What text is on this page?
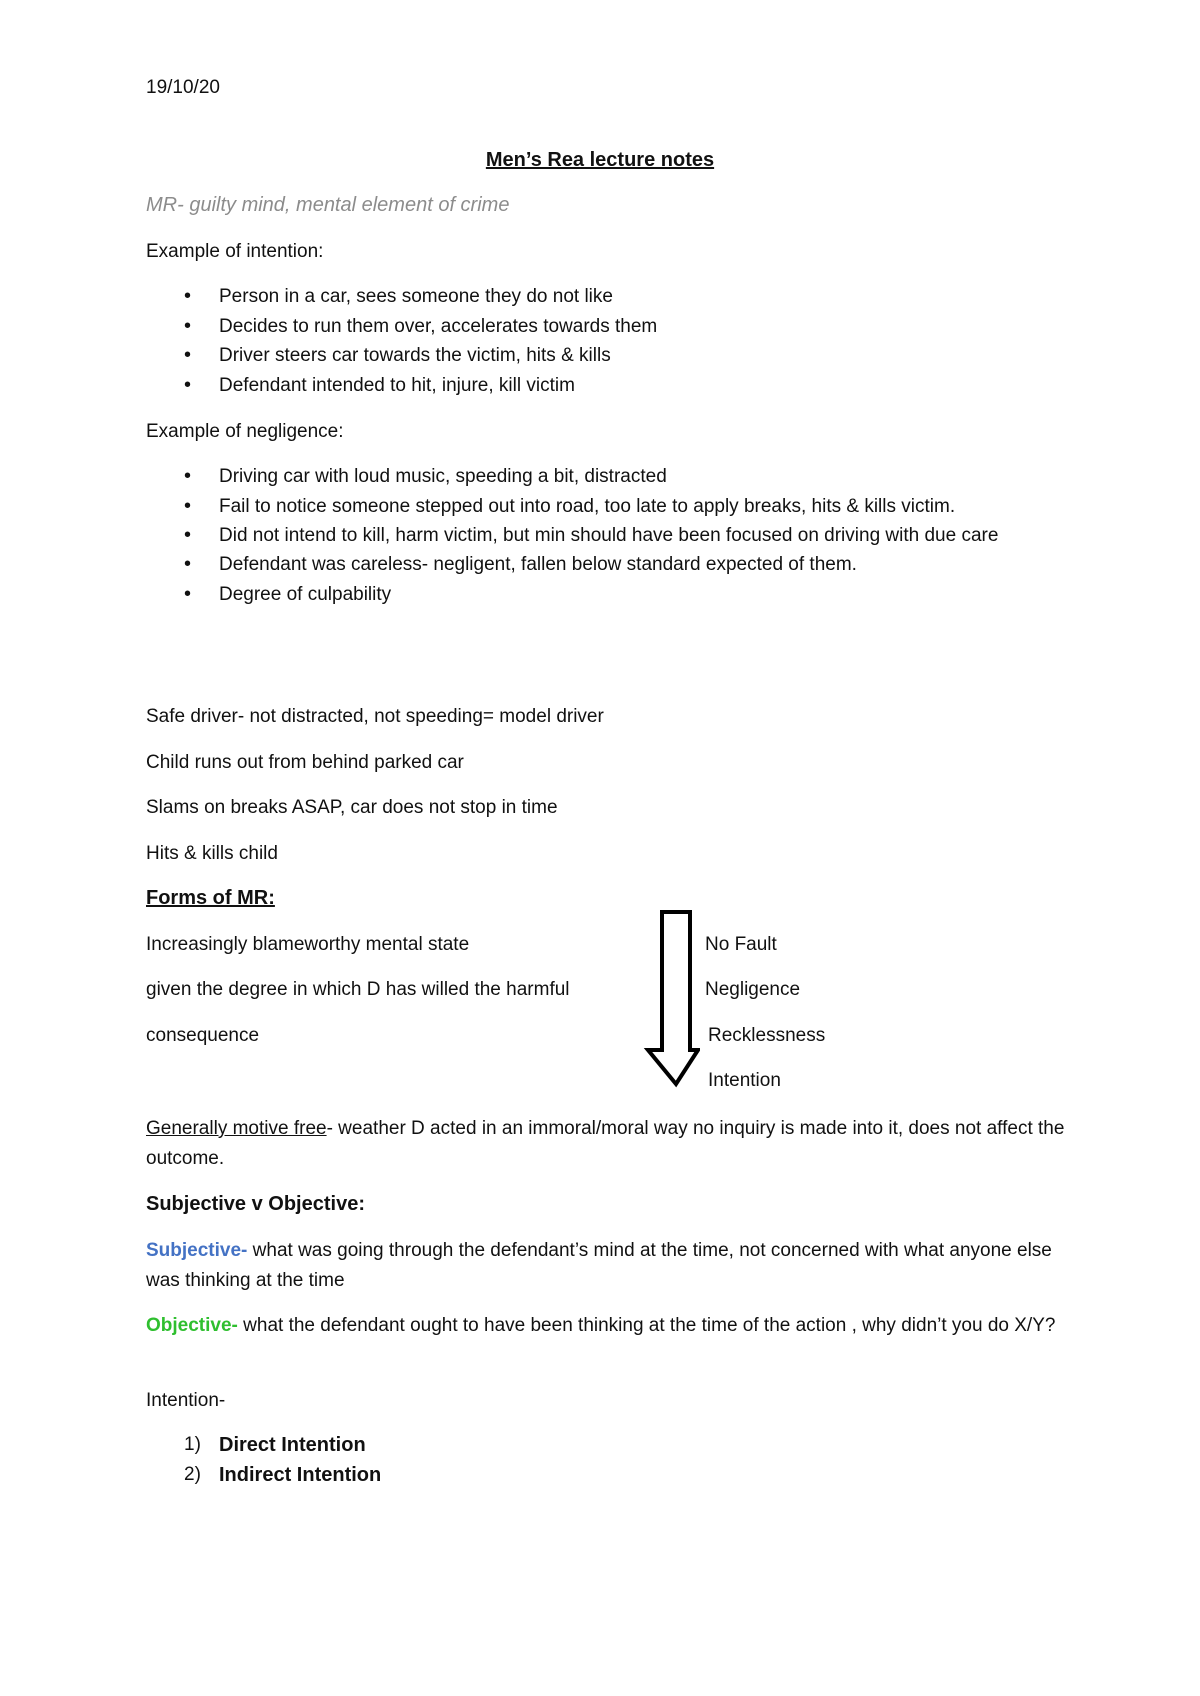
19/10/20
Men’s Rea lecture notes
MR- guilty mind, mental element of crime
Example of intention:
• Person in a car, sees someone they do not like
• Decides to run them over, accelerates towards them
• Driver steers car towards the victim, hits & kills
• Defendant intended to hit, injure, kill victim
Example of negligence:
• Driving car with loud music, speeding a bit, distracted
• Fail to notice someone stepped out into road, too late to apply breaks, hits & kills victim.
• Did not intend to kill, harm victim, but min should have been focused on driving with due care
• Defendant was careless- negligent, fallen below standard expected of them.
• Degree of culpability
Safe driver- not distracted, not speeding= model driver
Child runs out from behind parked car
Slams on breaks ASAP, car does not stop in time
Hits & kills child
Forms of MR:
Increasingly blameworthy mental state
given the degree in which D has willed the harmful
consequence
No Fault
Negligence
Recklessness
Intention
Generally motive free- weather D acted in an immoral/moral way no inquiry is made into it, does not affect the outcome.
Subjective v Objective:
Subjective- what was going through the defendant’s mind at the time, not concerned with what anyone else was thinking at the time
Objective- what the defendant ought to have been thinking at the time of the action , why didn’t you do X/Y?
Intention-
1) Direct Intention
2) Indirect Intention
